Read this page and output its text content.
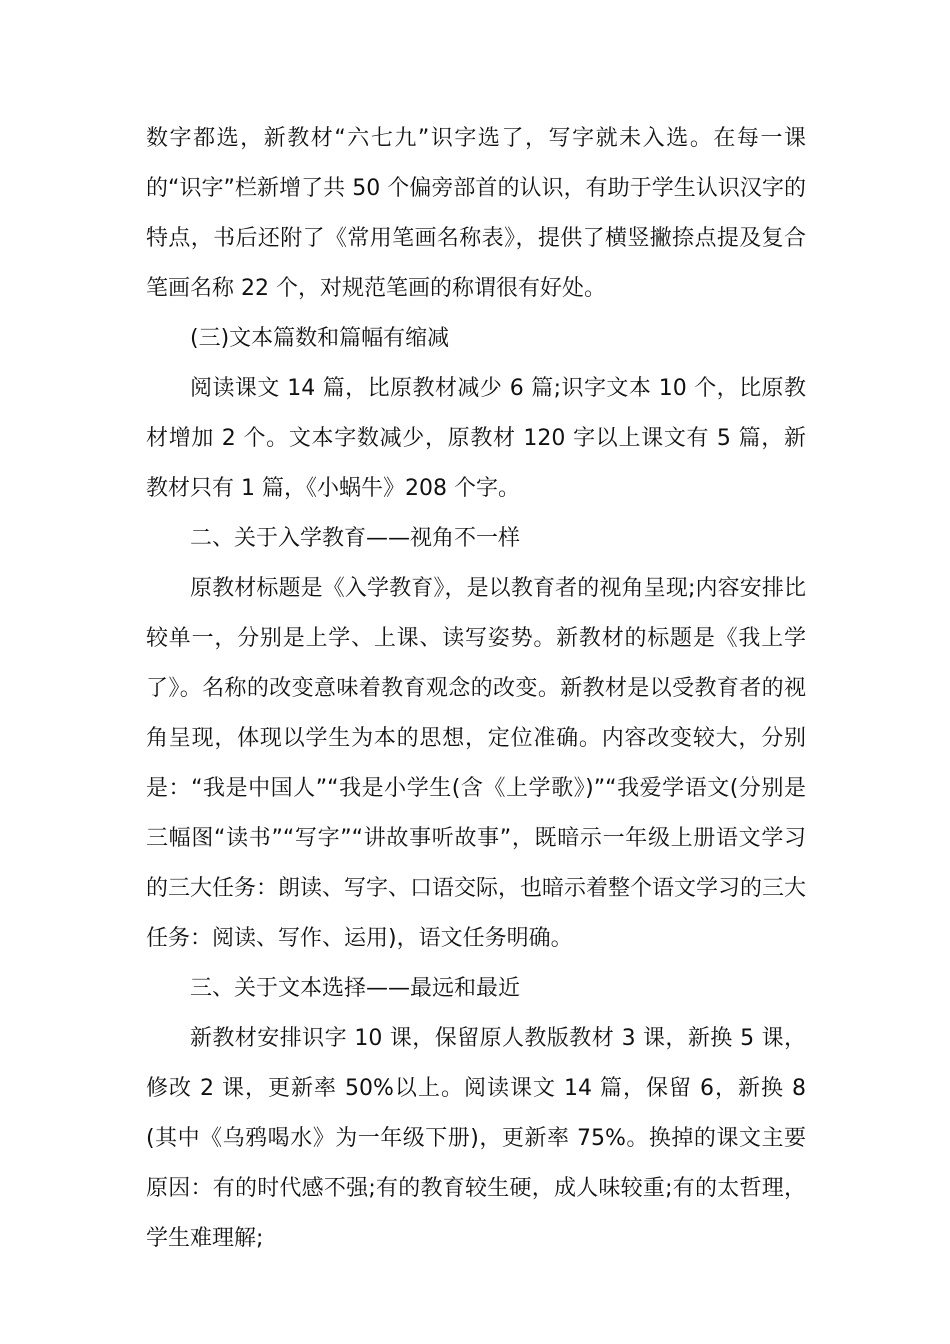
数字都选，新教材“六七九”识字选了，写字就未入选。在每一课的“识字”栏新增了共 50 个偏旁部首的认识，有助于学生认识汉字的特点，书后还附了《常用笔画名称表》，提供了横竖撇捺点提及复合笔画名称 22 个，对规范笔画的称谓很有好处。

(三)文本篇数和篇幅有缩减

阅读课文 14 篇，比原教材减少 6 篇;识字文本 10 个，比原教材增加 2 个。文本字数减少，原教材 120 字以上课文有 5 篇，新教材只有 1 篇，《小蜗牛》208 个字。

二、关于入学教育——视角不一样

原教材标题是《入学教育》，是以教育者的视角呈现;内容安排比较单一，分别是上学、上课、读写姿势。新教材的标题是《我上学了》。名称的改变意味着教育观念的改变。新教材是以受教育者的视角呈现，体现以学生为本的思想，定位准确。内容改变较大，分别是：“我是中国人”“我是小学生(含《上学歌》)”“我爱学语文(分别是三幅图“读书”“写字”“讲故事听故事”，既暗示一年级上册语文学习的三大任务：朗读、写字、口语交际，也暗示着整个语文学习的三大任务：阅读、写作、运用)，语文任务明确。

三、关于文本选择——最远和最近

新教材安排识字 10 课，保留原人教版教材 3 课，新换 5 课，修改 2 课，更新率 50%以上。阅读课文 14 篇，保留 6，新换 8(其中《乌鸦喝水》为一年级下册)，更新率 75%。换掉的课文主要原因：有的时代感不强;有的教育较生硬，成人味较重;有的太哲理，学生难理解;
